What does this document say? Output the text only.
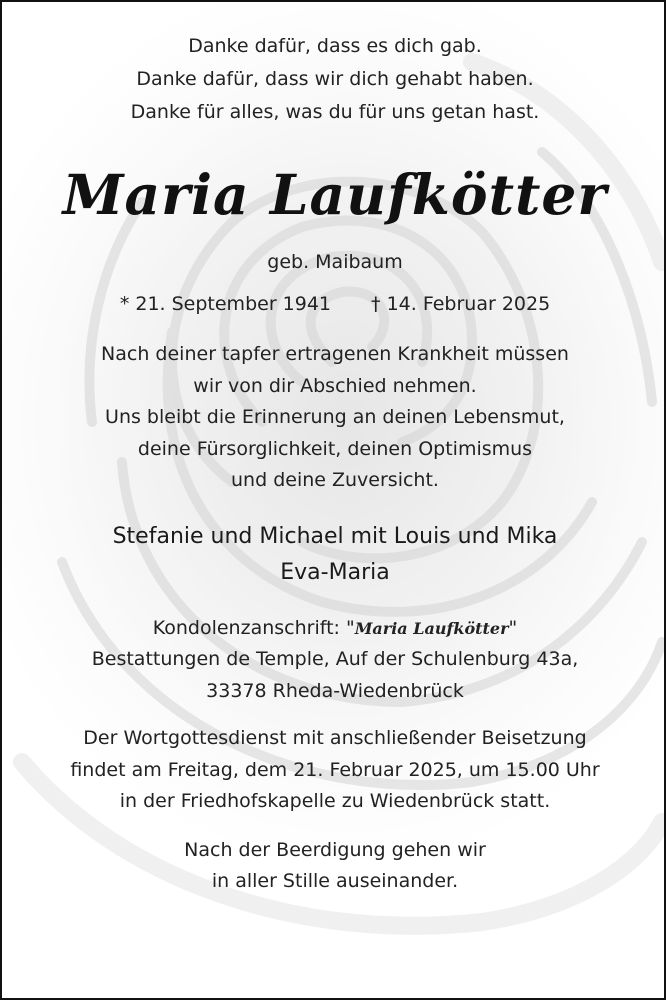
Danke dafür, dass es dich gab.
Danke dafür, dass wir dich gehabt haben.
Danke für alles, was du für uns getan hast.
Maria Laufkötter
geb. Maibaum
* 21. September 1941 † 14. Februar 2025
Nach deiner tapfer ertragenen Krankheit müssen
wir von dir Abschied nehmen.
Uns bleibt die Erinnerung an deinen Lebensmut,
deine Fürsorglichkeit, deinen Optimismus
und deine Zuversicht.
Stefanie und Michael mit Louis und Mika
Eva-Maria
Kondolenzanschrift: "Maria Laufkötter"
Bestattungen de Temple, Auf der Schulenburg 43a,
33378 Rheda-Wiedenbrück
Der Wortgottesdienst mit anschließender Beisetzung
findet am Freitag, dem 21. Februar 2025, um 15.00 Uhr
in der Friedhofskapelle zu Wiedenbrück statt.
Nach der Beerdigung gehen wir
in aller Stille auseinander.
